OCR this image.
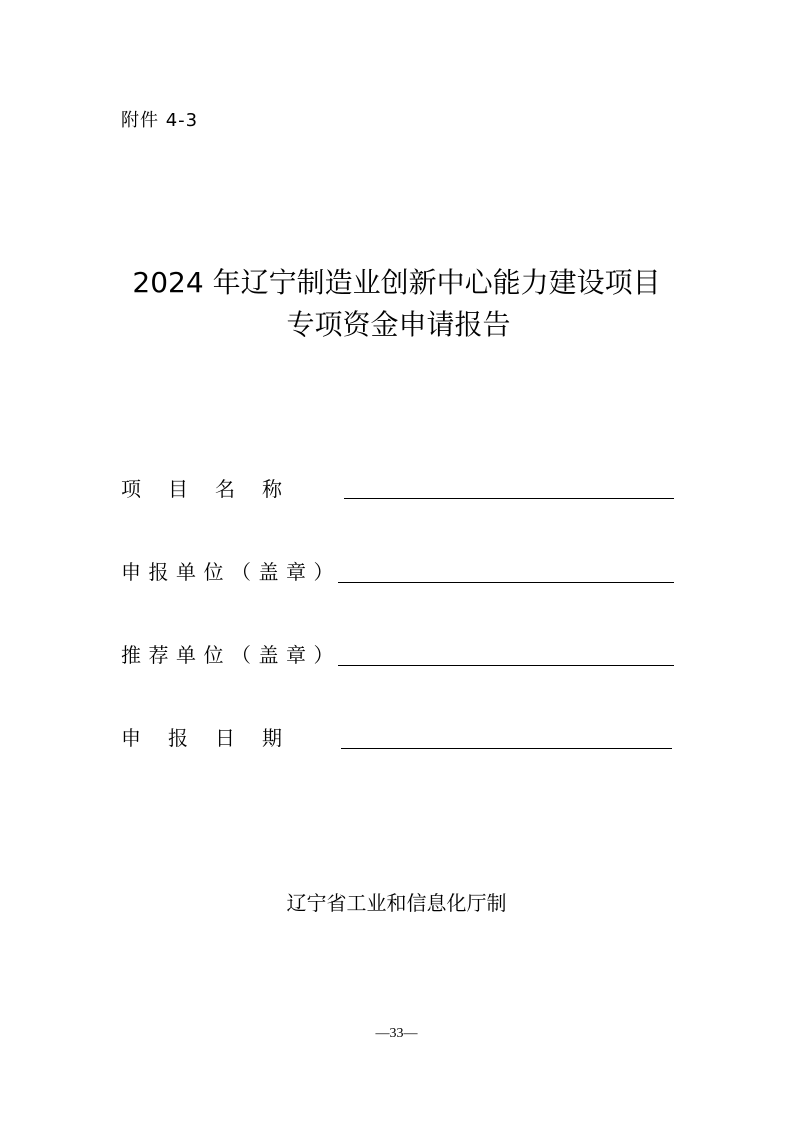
附件 4-3
2024 年辽宁制造业创新中心能力建设项目
专项资金申请报告
项目名称
申报单位（盖章）
推荐单位（盖章）
申报日期
辽宁省工业和信息化厅制
—33—
